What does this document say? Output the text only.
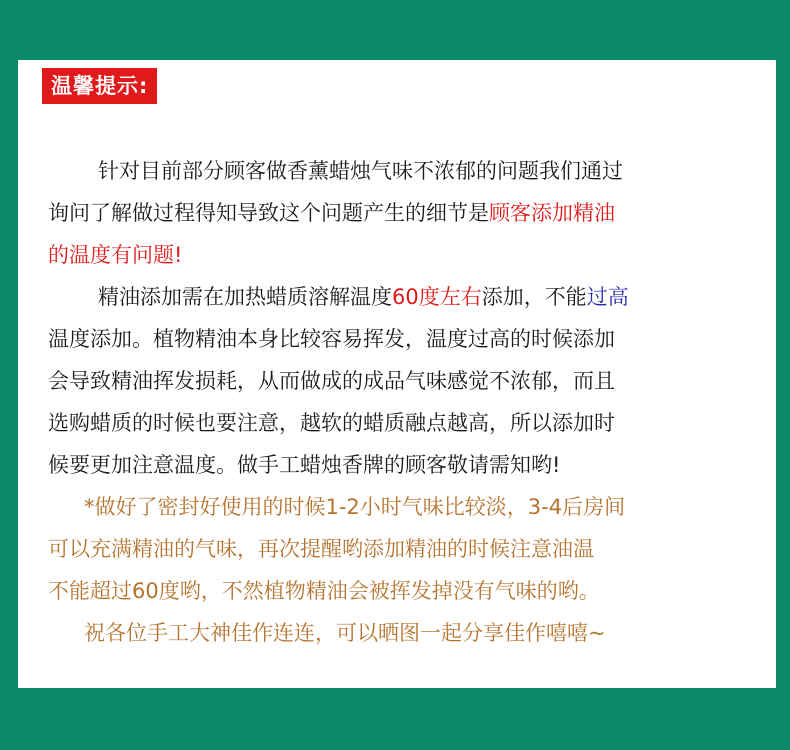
温馨提示:

针对目前部分顾客做香薰蜡烛气味不浓郁的问题我们通过

询问了解做过程得知导致这个问题产生的细节是顾客添加精油

的温度有问题!

精油添加需在加热蜡质溶解温度60度左右添加，不能过高

温度添加。植物精油本身比较容易挥发，温度过高的时候添加

会导致精油挥发损耗，从而做成的成品气味感觉不浓郁，而且

选购蜡质的时候也要注意，越软的蜡质融点越高，所以添加时

候要更加注意温度。做手工蜡烛香牌的顾客敬请需知哟!

*做好了密封好使用的时候1-2小时气味比较淡，3-4后房间

可以充满精油的气味，再次提醒哟添加精油的时候注意油温

不能超过60度哟，不然植物精油会被挥发掉没有气味的哟。

祝各位手工大神佳作连连，可以晒图一起分享佳作嘻嘻~
